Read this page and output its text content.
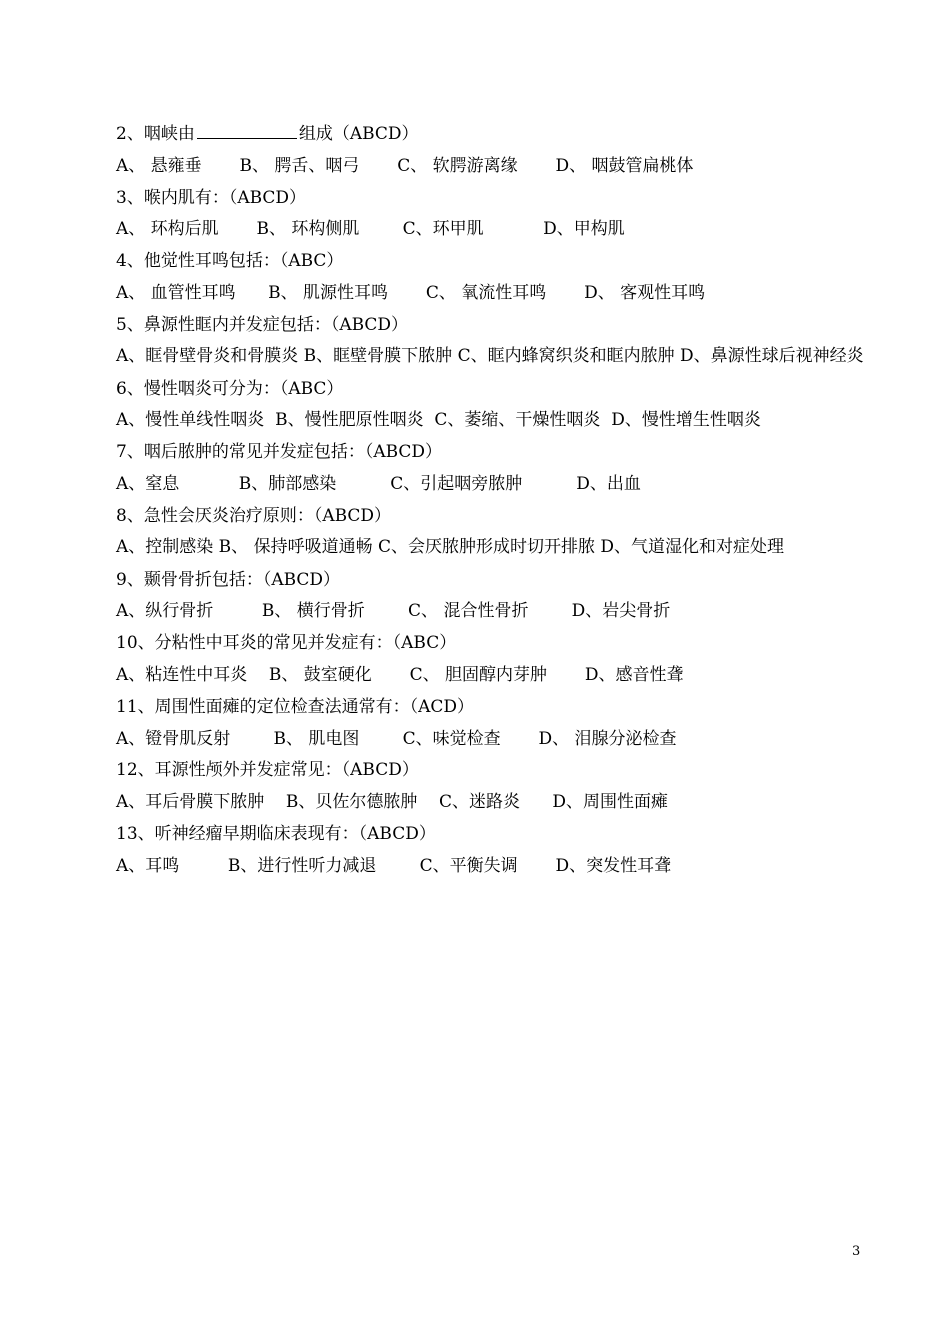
2、咽峡由	组成（ABCD）

A、 悬雍垂       B、 腭舌、咽弓       C、 软腭游离缘       D、 咽鼓管扁桃体

3、喉内肌有：（ABCD）

A、 环构后肌       B、 环构侧肌        C、环甲肌           D、甲构肌

4、他觉性耳鸣包括：（ABC）

A、 血管性耳鸣      B、 肌源性耳鸣       C、 氧流性耳鸣       D、 客观性耳鸣

5、鼻源性眶内并发症包括：（ABCD）

A、眶骨壁骨炎和骨膜炎 B、眶壁骨膜下脓肿 C、眶内蜂窝织炎和眶内脓肿 D、鼻源性球后视神经炎

6、慢性咽炎可分为：（ABC）

A、慢性单线性咽炎  B、慢性肥原性咽炎  C、萎缩、干燥性咽炎  D、慢性增生性咽炎

7、咽后脓肿的常见并发症包括：（ABCD）

A、窒息           B、肺部感染          C、引起咽旁脓肿          D、出血

8、急性会厌炎治疗原则：（ABCD）

A、控制感染 B、 保持呼吸道通畅 C、会厌脓肿形成时切开排脓 D、气道湿化和对症处理

9、颞骨骨折包括：（ABCD）

A、纵行骨折         B、 横行骨折        C、 混合性骨折        D、岩尖骨折

10、分粘性中耳炎的常见并发症有：（ABC）

A、粘连性中耳炎    B、 鼓室硬化       C、 胆固醇内芽肿       D、感音性聋

11、周围性面瘫的定位检查法通常有：（ACD）

A、镫骨肌反射        B、 肌电图        C、味觉检查       D、 泪腺分泌检查

12、耳源性颅外并发症常见：（ABCD）

A、耳后骨膜下脓肿    B、贝佐尔德脓肿    C、迷路炎      D、周围性面瘫

13、听神经瘤早期临床表现有：（ABCD）

A、耳鸣         B、进行性听力减退        C、平衡失调       D、突发性耳聋

3
